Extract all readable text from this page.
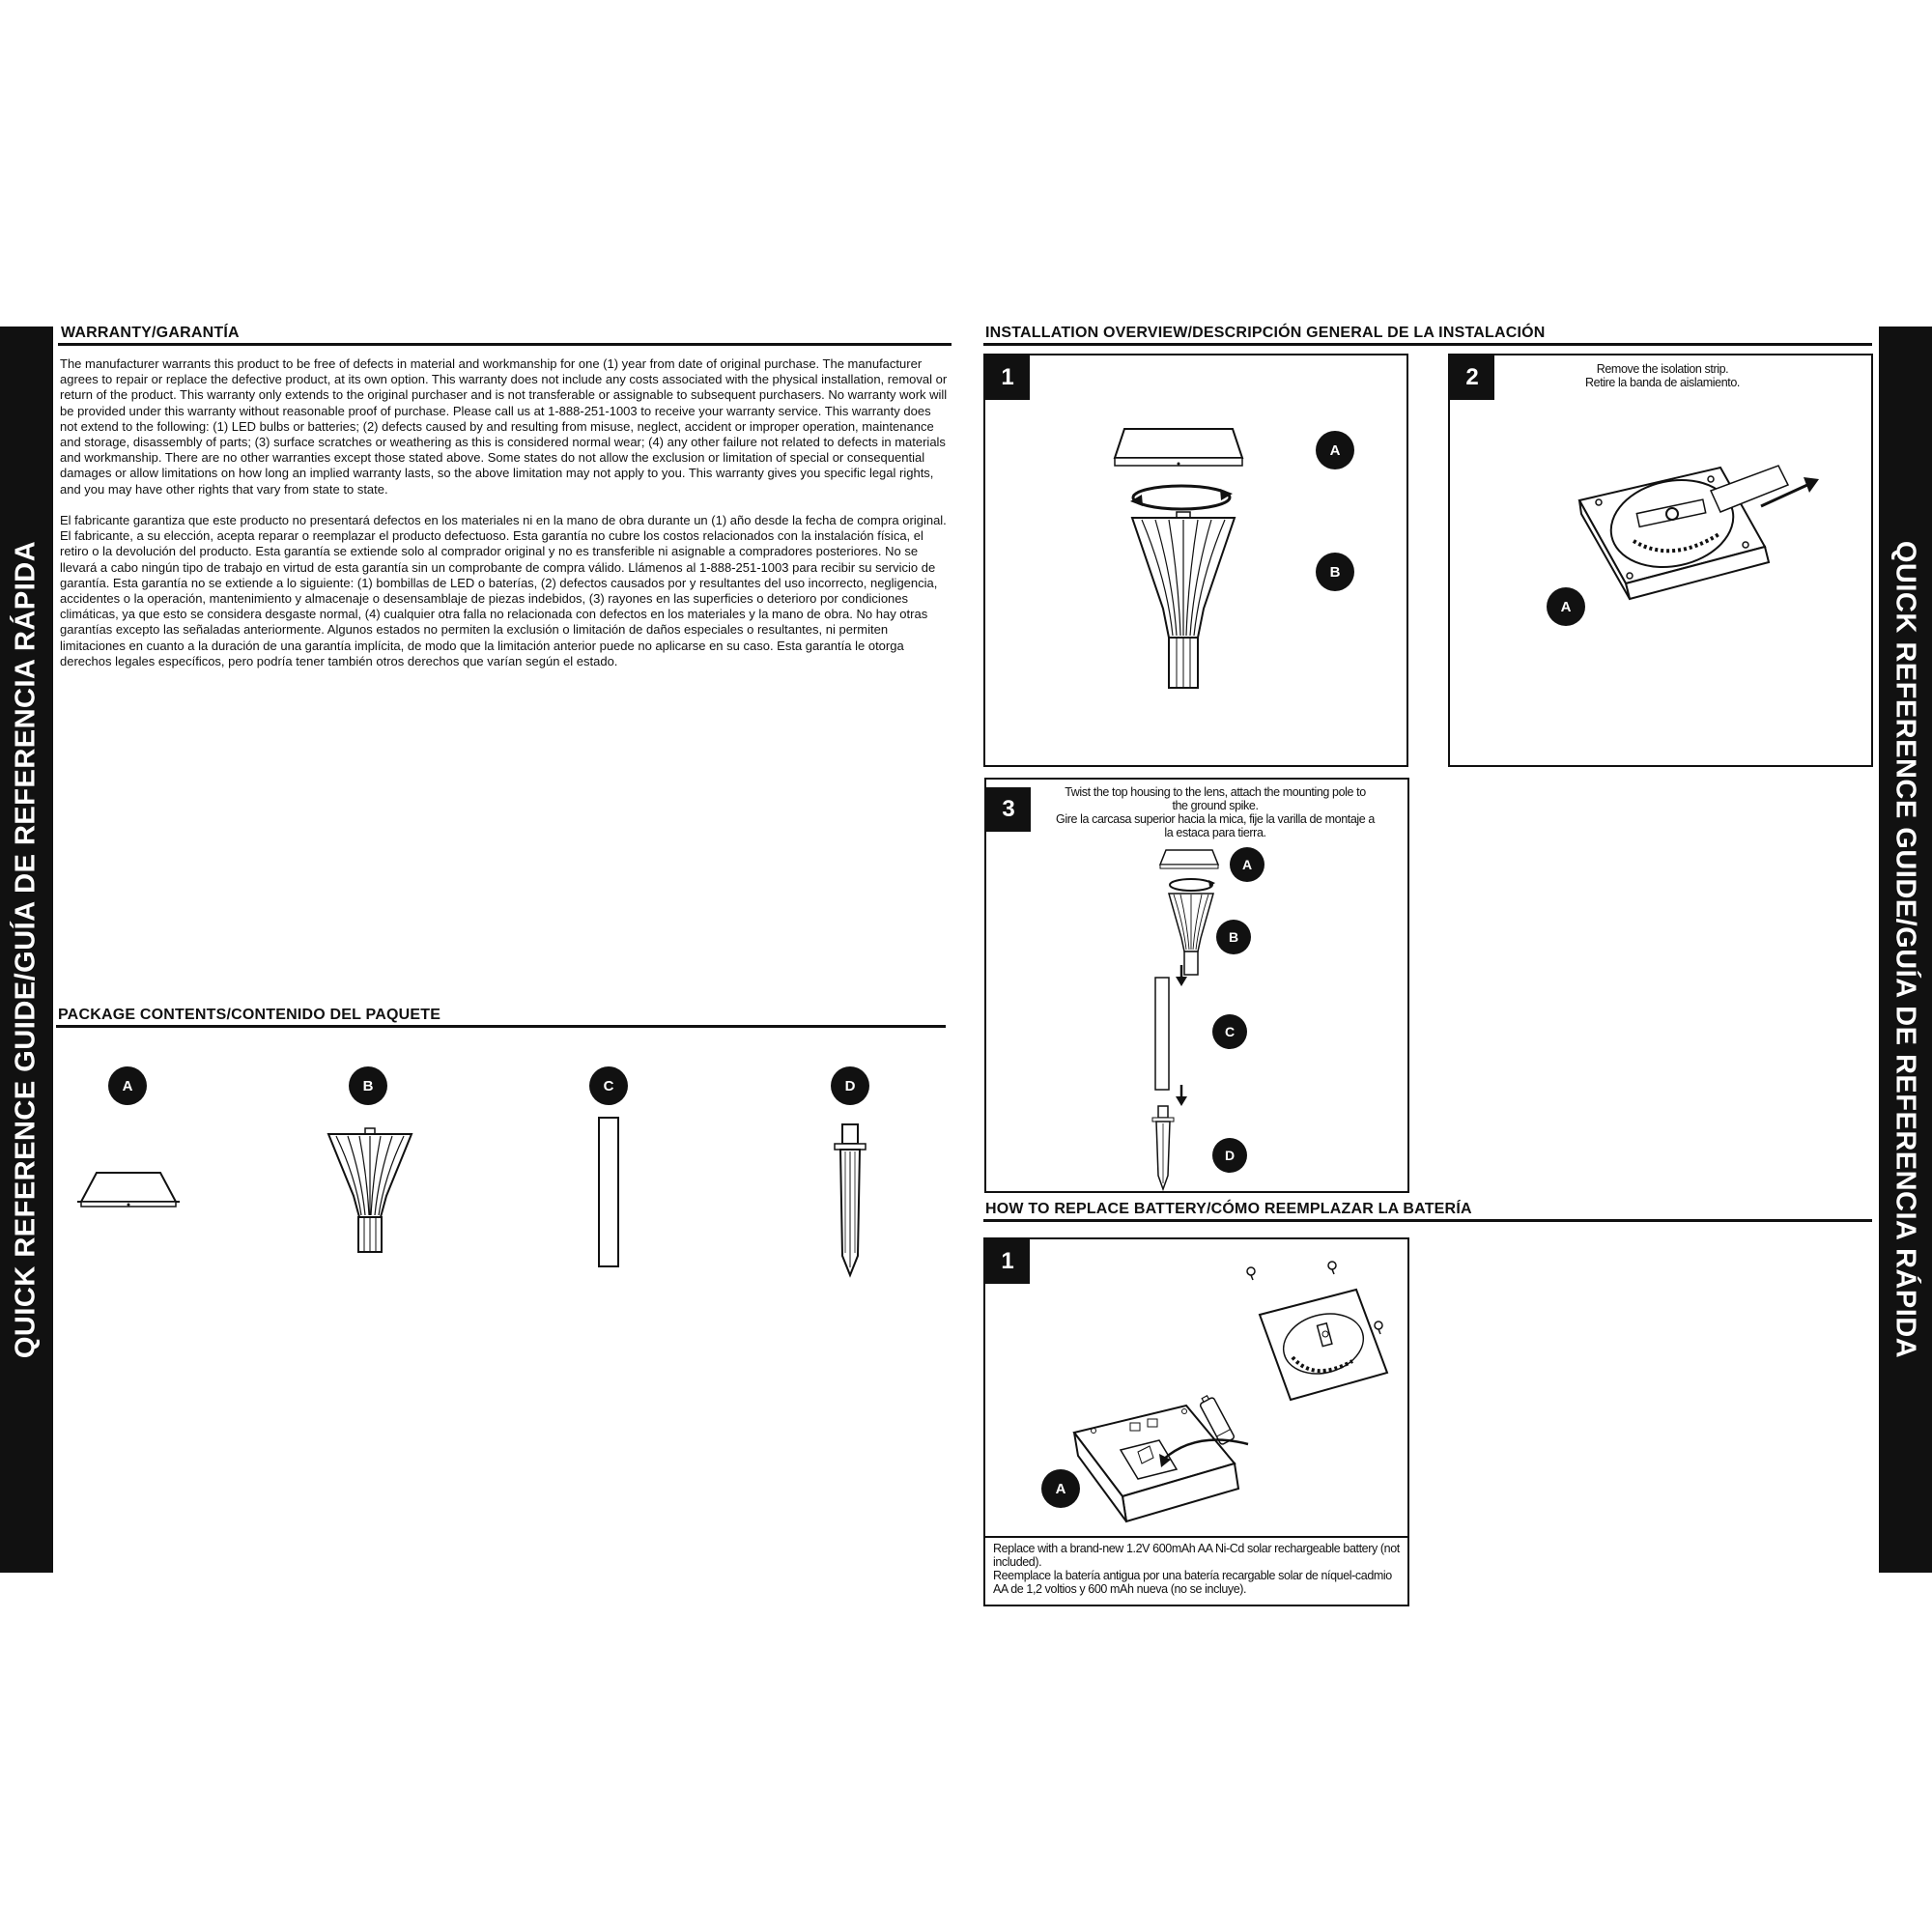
QUICK REFERENCE GUIDE/GUÍA DE REFERENCIA RÁPIDA	QUICK REFERENCE GUIDE/GUÍA DE REFERENCIA RÁPIDA
WARRANTY/GARANTÍA
The manufacturer warrants this product to be free of defects in material and workmanship for one (1) year from date of original purchase. The manufacturer agrees to repair or replace the defective product, at its own option. This warranty does not include any costs associated with the physical installation, removal or return of the product. This warranty only extends to the original purchaser and is not transferable or assignable to subsequent purchasers. No warranty work will be provided under this warranty without reasonable proof of purchase. Please call us at 1-888-251-1003 to receive your warranty service. This warranty does not extend to the following: (1) LED bulbs or batteries; (2) defects caused by and resulting from misuse, neglect, accident or improper operation, maintenance and storage, disassembly of parts; (3) surface scratches or weathering as this is considered normal wear; (4) any other failure not related to defects in materials and workmanship. There are no other warranties except those stated above. Some states do not allow the exclusion or limitation of special or consequential damages or allow limitations on how long an implied warranty lasts, so the above limitation may not apply to you. This warranty gives you specific legal rights, and you may have other rights that vary from state to state.
El fabricante garantiza que este producto no presentará defectos en los materiales ni en la mano de obra durante un (1) año desde la fecha de compra original. El fabricante, a su elección, acepta reparar o reemplazar el producto defectuoso. Esta garantía no cubre los costos relacionados con la instalación física, el retiro o la devolución del producto. Esta garantía se extiende solo al comprador original y no es transferible ni asignable a compradores posteriores. No se llevará a cabo ningún tipo de trabajo en virtud de esta garantía sin un comprobante de compra válido. Llámenos al 1-888-251-1003 para recibir su servicio de garantía. Esta garantía no se extiende a lo siguiente: (1) bombillas de LED o baterías, (2) defectos causados por y resultantes del uso incorrecto, negligencia, accidentes o la operación, mantenimiento y almacenaje o desensamblaje de piezas indebidos, (3) rayones en las superficies o deterioro por condiciones climáticas, ya que esto se considera desgaste normal, (4) cualquier otra falla no relacionada con defectos en los materiales y la mano de obra. No hay otras garantías excepto las señaladas anteriormente. Algunos estados no permiten la exclusión o limitación de daños especiales o resultantes, ni permiten limitaciones en cuanto a la duración de una garantía implícita, de modo que la limitación anterior puede no aplicarse en su caso. Esta garantía le otorga derechos legales específicos, pero podría tener también otros derechos que varían según el estado.
PACKAGE CONTENTS/CONTENIDO DEL PAQUETE
A	B	C	D
INSTALLATION OVERVIEW/DESCRIPCIÓN GENERAL DE LA INSTALACIÓN
1
A
B
2	Remove the isolation strip.
Retire la banda de aislamiento.
A
3
Twist the top housing to the lens, attach the mounting pole to the ground spike.
Gire la carcasa superior hacia la mica, fije la varilla de montaje a la estaca para tierra.
A
B
C
D
HOW TO REPLACE BATTERY/CÓMO REEMPLAZAR LA BATERÍA
1
A
Replace with a brand-new 1.2V 600mAh AA Ni-Cd solar rechargeable battery (not included).
Reemplace la batería antigua por una batería recargable solar de níquel-cadmio AA de 1,2 voltios y 600 mAh nueva (no se incluye).
